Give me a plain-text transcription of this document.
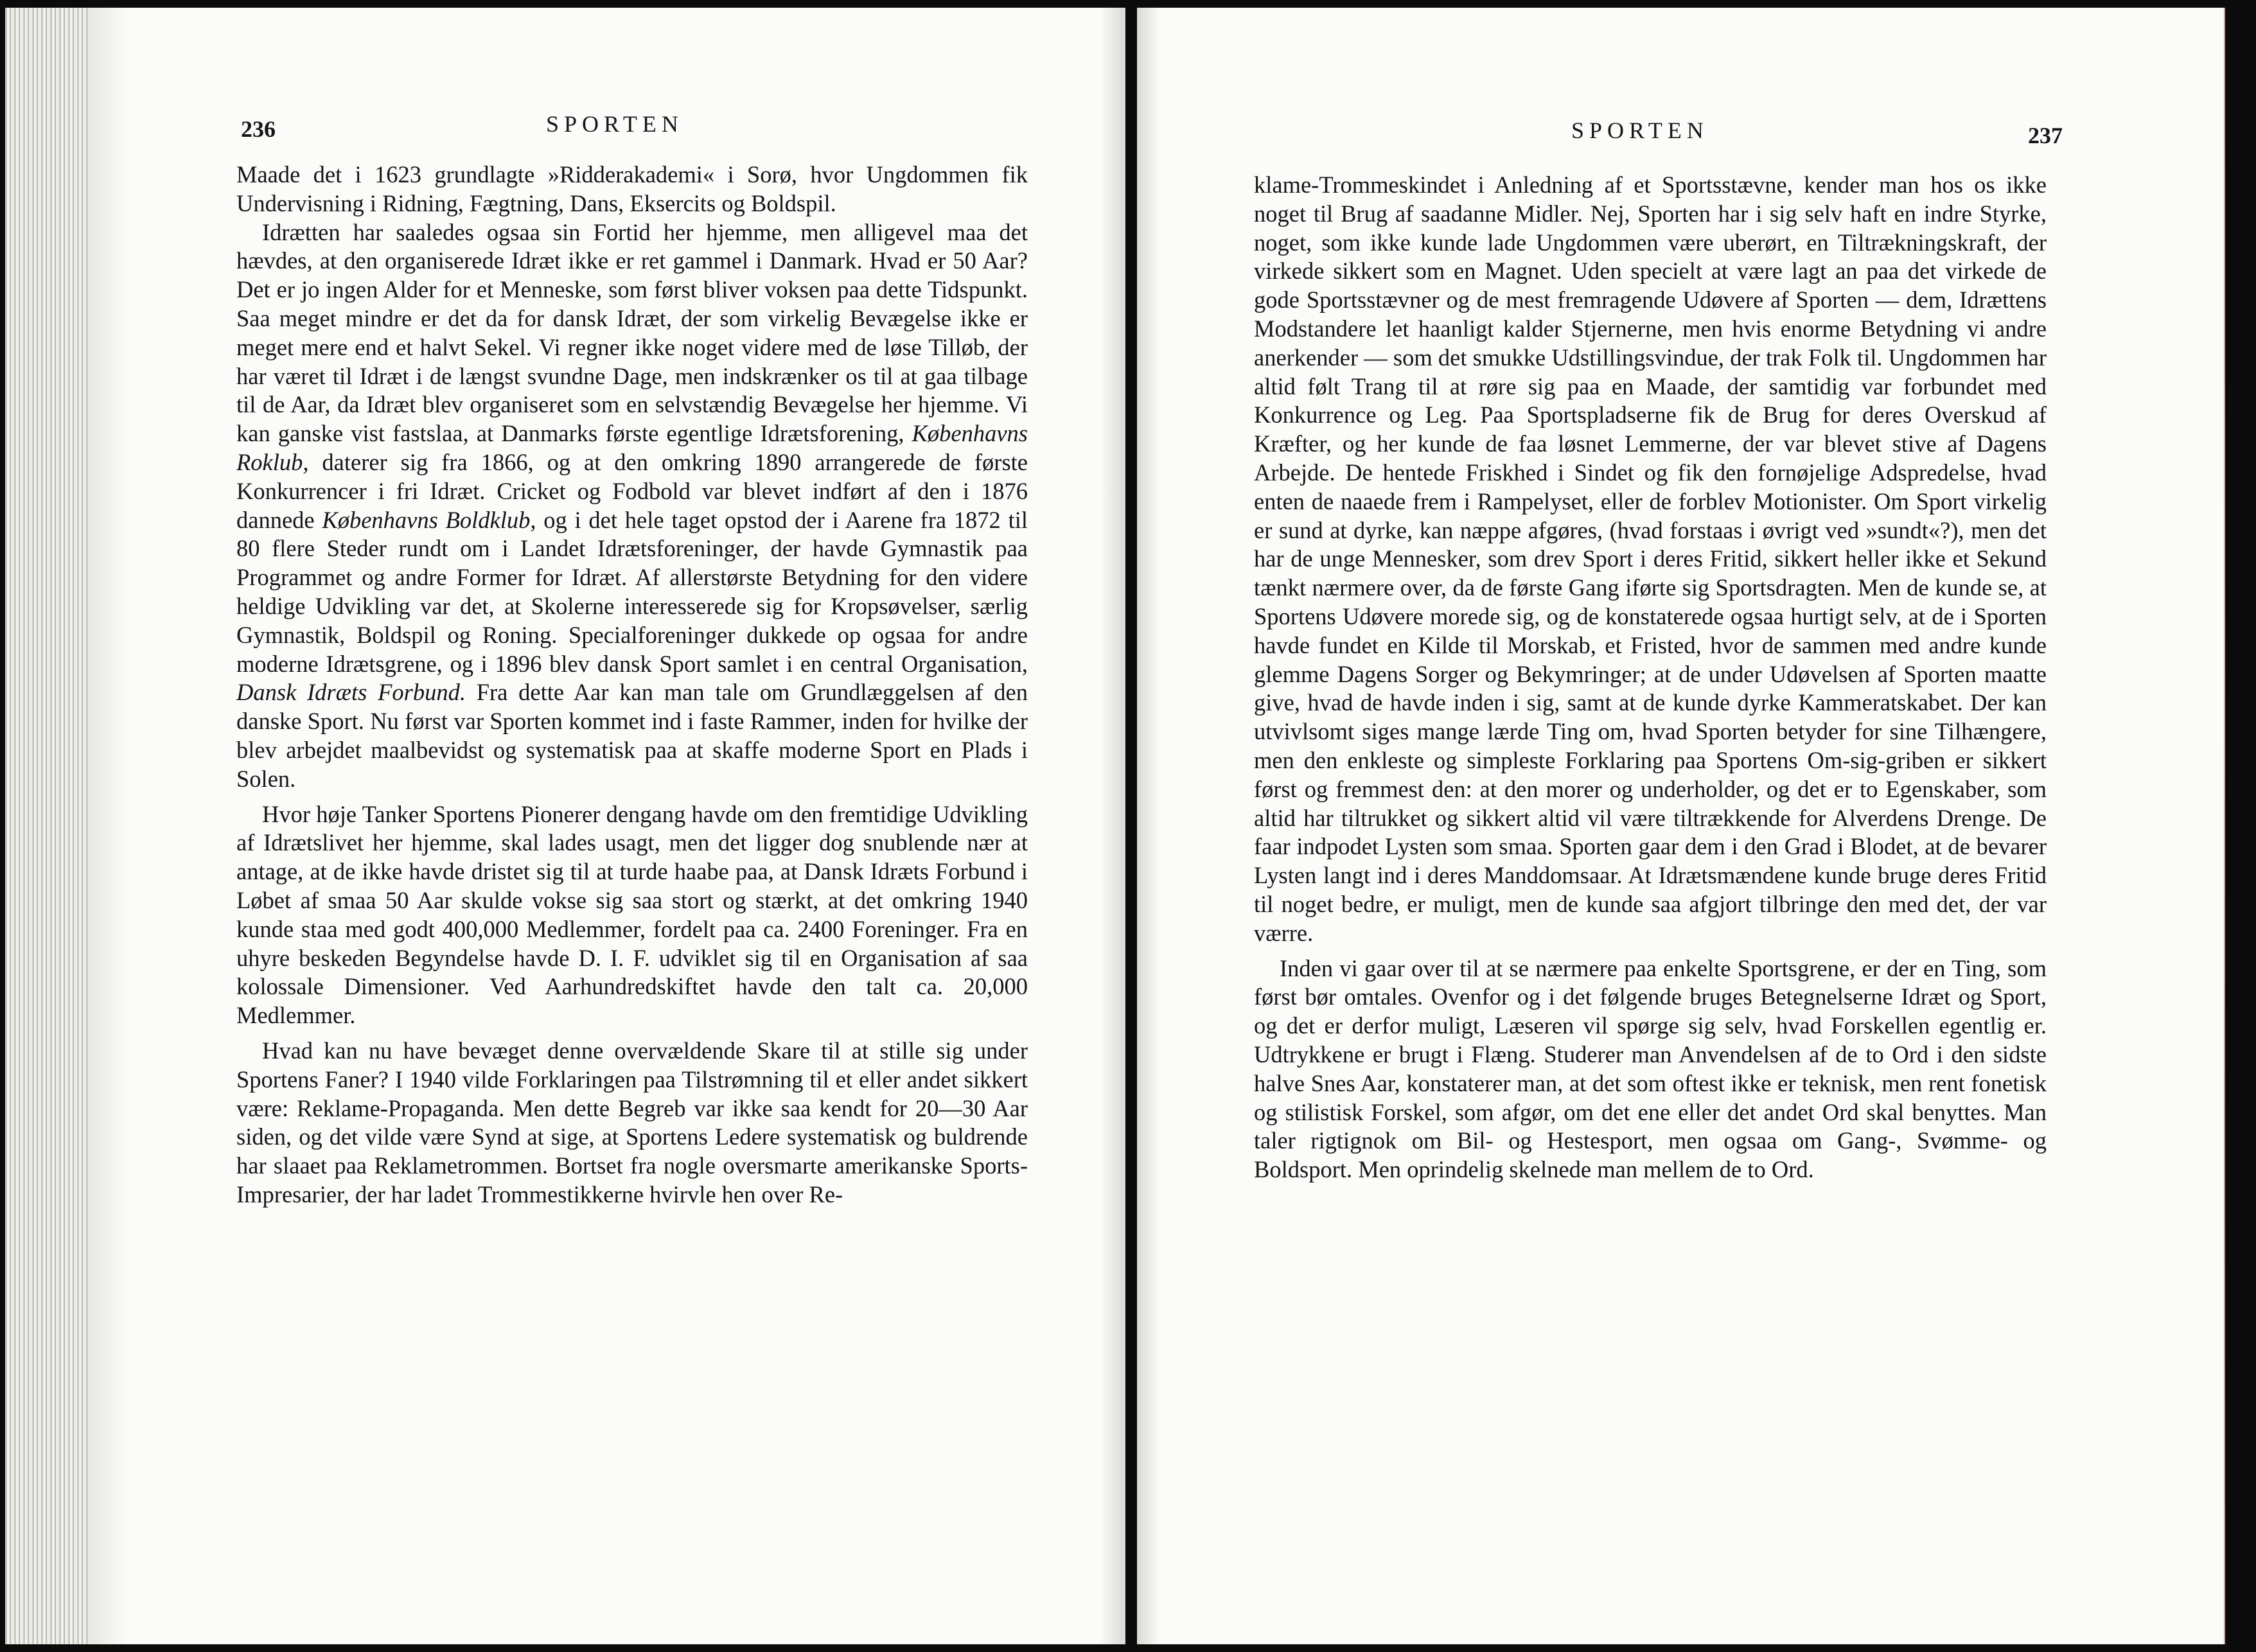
236	SPORTEN

Maade det i 1623 grundlagte »Ridderakademi« i Sorø, hvor Ungdommen fik Undervisning i Ridning, Fægtning, Dans, Eksercits og Boldspil.

Idrætten har saaledes ogsaa sin Fortid her hjemme, men alligevel maa det hævdes, at den organiserede Idræt ikke er ret gammel i Danmark. Hvad er 50 Aar? Det er jo ingen Alder for et Menneske, som først bliver voksen paa dette Tidspunkt. Saa meget mindre er det da for dansk Idræt, der som virkelig Bevægelse ikke er meget mere end et halvt Sekel. Vi regner ikke noget videre med de løse Tilløb, der har været til Idræt i de længst svundne Dage, men indskrænker os til at gaa tilbage til de Aar, da Idræt blev organiseret som en selvstændig Bevægelse her hjemme. Vi kan ganske vist fastslaa, at Danmarks første egentlige Idrætsforening, Københavns Roklub, daterer sig fra 1866, og at den omkring 1890 arrangerede de første Konkurrencer i fri Idræt. Cricket og Fodbold var blevet indført af den i 1876 dannede Københavns Boldklub, og i det hele taget opstod der i Aarene fra 1872 til 80 flere Steder rundt om i Landet Idrætsforeninger, der havde Gymnastik paa Programmet og andre Former for Idræt. Af allerstørste Betydning for den videre heldige Udvikling var det, at Skolerne interesserede sig for Kropsøvelser, særlig Gymnastik, Boldspil og Roning. Specialforeninger dukkede op ogsaa for andre moderne Idrætsgrene, og i 1896 blev dansk Sport samlet i en central Organisation, Dansk Idræts Forbund. Fra dette Aar kan man tale om Grundlæggelsen af den danske Sport. Nu først var Sporten kommet ind i faste Rammer, inden for hvilke der blev arbejdet maalbevidst og systematisk paa at skaffe moderne Sport en Plads i Solen.

Hvor høje Tanker Sportens Pionerer dengang havde om den fremtidige Udvikling af Idrætslivet her hjemme, skal lades usagt, men det ligger dog snublende nær at antage, at de ikke havde dristet sig til at turde haabe paa, at Dansk Idræts Forbund i Løbet af smaa 50 Aar skulde vokse sig saa stort og stærkt, at det omkring 1940 kunde staa med godt 400,000 Medlemmer, fordelt paa ca. 2400 Foreninger. Fra en uhyre beskeden Begyndelse havde D. I. F. udviklet sig til en Organisation af saa kolossale Dimensioner. Ved Aarhundredskiftet havde den talt ca. 20,000 Medlemmer.

Hvad kan nu have bevæget denne overvældende Skare til at stille sig under Sportens Faner? I 1940 vilde Forklaringen paa Tilstrømning til et eller andet sikkert være: Reklame-Propaganda. Men dette Begreb var ikke saa kendt for 20—30 Aar siden, og det vilde være Synd at sige, at Sportens Ledere systematisk og buldrende har slaaet paa Reklametrommen. Bortset fra nogle oversmarte amerikanske Sports-Impresarier, der har ladet Trommestikkerne hvirvle hen over Re-

SPORTEN	237

klame-Trommeskindet i Anledning af et Sportsstævne, kender man hos os ikke noget til Brug af saadanne Midler. Nej, Sporten har i sig selv haft en indre Styrke, noget, som ikke kunde lade Ungdommen være uberørt, en Tiltrækningskraft, der virkede sikkert som en Magnet. Uden specielt at være lagt an paa det virkede de gode Sportsstævner og de mest fremragende Udøvere af Sporten — dem, Idrættens Modstandere let haanligt kalder Stjernerne, men hvis enorme Betydning vi andre anerkender — som det smukke Udstillingsvindue, der trak Folk til. Ungdommen har altid følt Trang til at røre sig paa en Maade, der samtidig var forbundet med Konkurrence og Leg. Paa Sportspladserne fik de Brug for deres Overskud af Kræfter, og her kunde de faa løsnet Lemmerne, der var blevet stive af Dagens Arbejde. De hentede Friskhed i Sindet og fik den fornøjelige Adspredelse, hvad enten de naaede frem i Rampelyset, eller de forblev Motionister. Om Sport virkelig er sund at dyrke, kan næppe afgøres, (hvad forstaas i øvrigt ved »sundt«?), men det har de unge Mennesker, som drev Sport i deres Fritid, sikkert heller ikke et Sekund tænkt nærmere over, da de første Gang iførte sig Sportsdragten. Men de kunde se, at Sportens Udøvere morede sig, og de konstaterede ogsaa hurtigt selv, at de i Sporten havde fundet en Kilde til Morskab, et Fristed, hvor de sammen med andre kunde glemme Dagens Sorger og Bekymringer; at de under Udøvelsen af Sporten maatte give, hvad de havde inden i sig, samt at de kunde dyrke Kammeratskabet. Der kan utvivlsomt siges mange lærde Ting om, hvad Sporten betyder for sine Tilhængere, men den enkleste og simpleste Forklaring paa Sportens Om-sig-griben er sikkert først og fremmest den: at den morer og underholder, og det er to Egenskaber, som altid har tiltrukket og sikkert altid vil være tiltrækkende for Alverdens Drenge. De faar indpodet Lysten som smaa. Sporten gaar dem i den Grad i Blodet, at de bevarer Lysten langt ind i deres Manddomsaar. At Idrætsmændene kunde bruge deres Fritid til noget bedre, er muligt, men de kunde saa afgjort tilbringe den med det, der var værre.

Inden vi gaar over til at se nærmere paa enkelte Sportsgrene, er der en Ting, som først bør omtales. Ovenfor og i det følgende bruges Betegnelserne Idræt og Sport, og det er derfor muligt, Læseren vil spørge sig selv, hvad Forskellen egentlig er. Udtrykkene er brugt i Flæng. Studerer man Anvendelsen af de to Ord i den sidste halve Snes Aar, konstaterer man, at det som oftest ikke er teknisk, men rent fonetisk og stilistisk Forskel, som afgør, om det ene eller det andet Ord skal benyttes. Man taler rigtignok om Bil- og Hestesport, men ogsaa om Gang-, Svømme- og Boldsport. Men oprindelig skelnede man mellem de to Ord.
